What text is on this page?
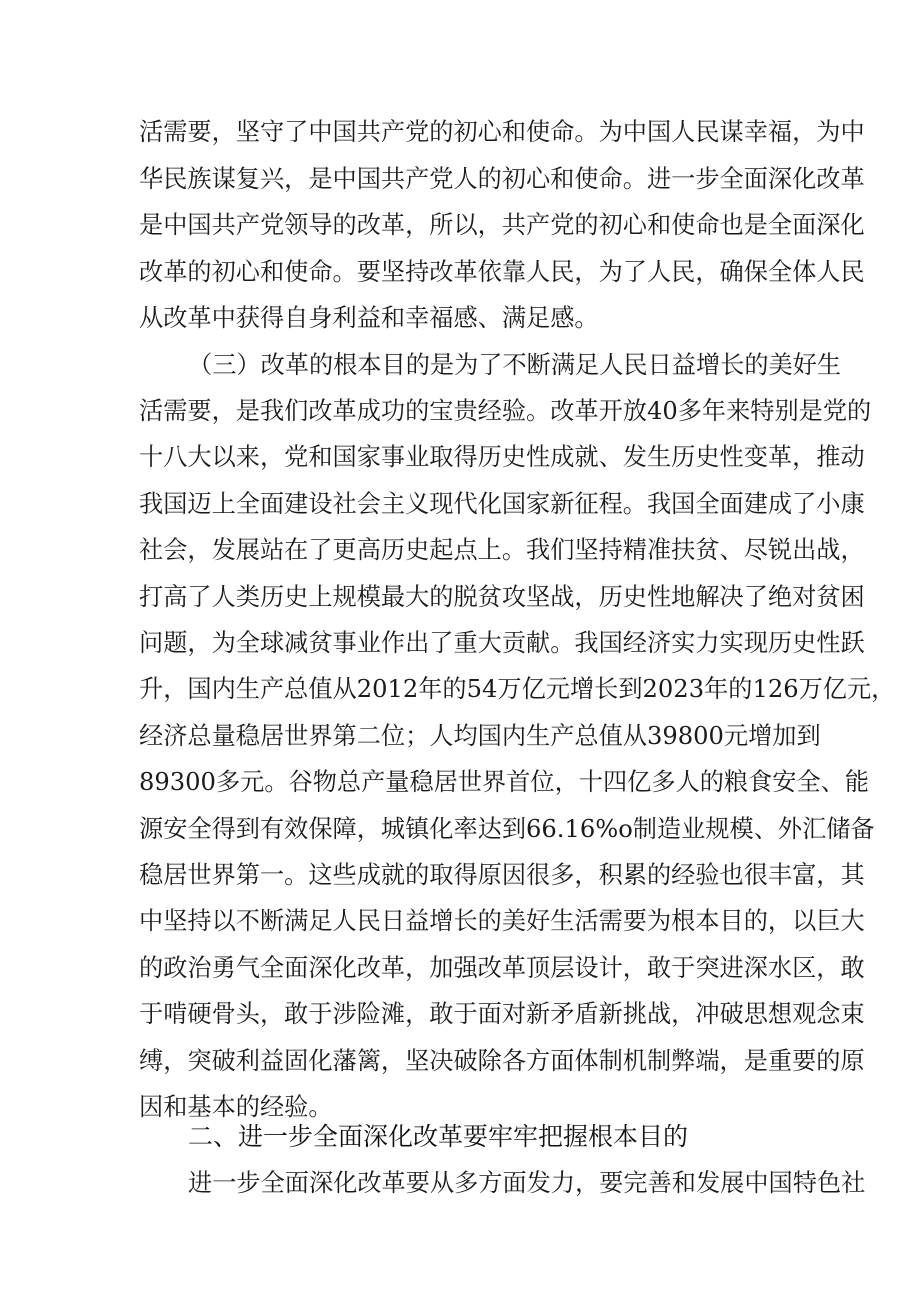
活需要，坚守了中国共产党的初心和使命。为中国人民谋幸福，为中
华民族谋复兴，是中国共产党人的初心和使命。进一步全面深化改革
是中国共产党领导的改革，所以，共产党的初心和使命也是全面深化
改革的初心和使命。要坚持改革依靠人民，为了人民，确保全体人民
从改革中获得自身利益和幸福感、满足感。
（三）改革的根本目的是为了不断满足人民日益增长的美好生
活需要，是我们改革成功的宝贵经验。改革开放40多年来特别是党的
十八大以来，党和国家事业取得历史性成就、发生历史性变革，推动
我国迈上全面建设社会主义现代化国家新征程。我国全面建成了小康
社会，发展站在了更高历史起点上。我们坚持精准扶贫、尽锐出战，
打高了人类历史上规模最大的脱贫攻坚战，历史性地解决了绝对贫困
问题，为全球减贫事业作出了重大贡献。我国经济实力实现历史性跃
升，国内生产总值从2012年的54万亿元增长到2023年的126万亿元，
经济总量稳居世界第二位；人均国内生产总值从39800元增加到
89300多元。谷物总产量稳居世界首位，十四亿多人的粮食安全、能
源安全得到有效保障，城镇化率达到66.16%o制造业规模、外汇储备
稳居世界第一。这些成就的取得原因很多，积累的经验也很丰富，其
中坚持以不断满足人民日益增长的美好生活需要为根本目的，以巨大
的政治勇气全面深化改革，加强改革顶层设计，敢于突进深水区，敢
于啃硬骨头，敢于涉险滩，敢于面对新矛盾新挑战，冲破思想观念束
缚，突破利益固化藩篱，坚决破除各方面体制机制弊端，是重要的原
因和基本的经验。
二、进一步全面深化改革要牢牢把握根本目的
进一步全面深化改革要从多方面发力，要完善和发展中国特色社
